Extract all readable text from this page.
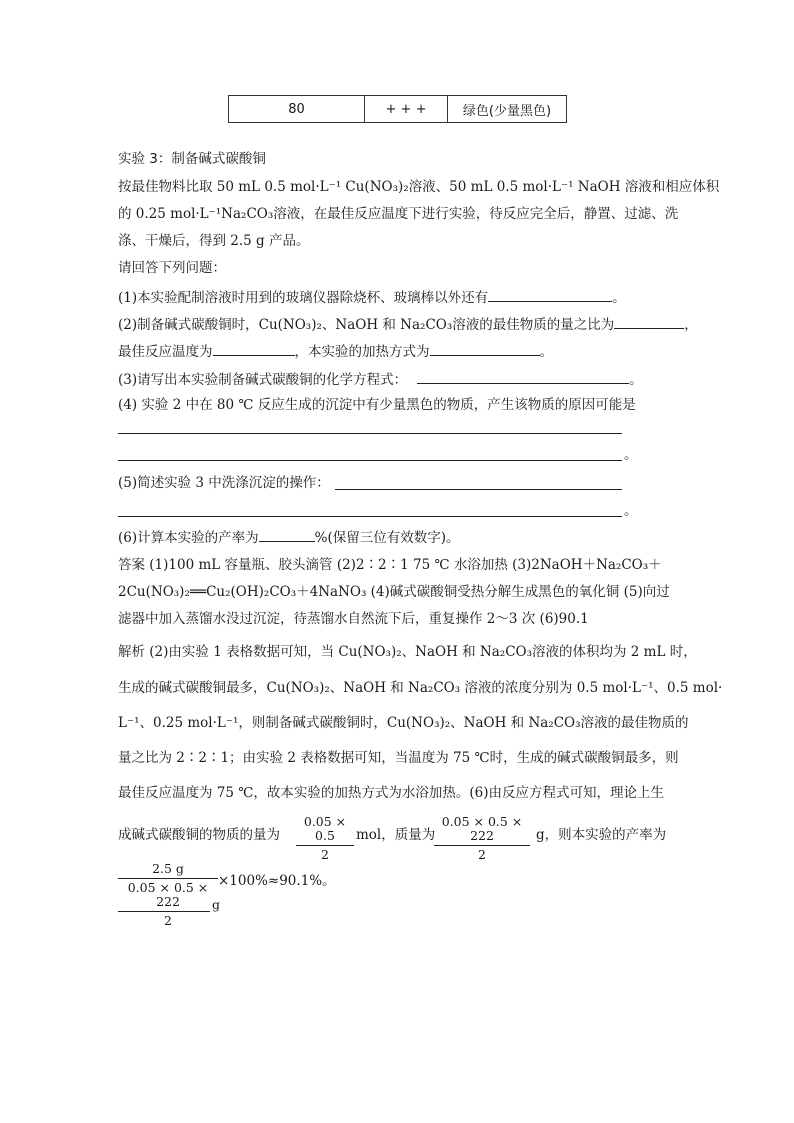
80	+ + +	绿色(少量黑色)
实验 3：制备碱式碳酸铜
按最佳物料比取 50 mL 0.5 mol·L⁻¹ Cu(NO₃)₂溶液、50 mL 0.5 mol·L⁻¹ NaOH 溶液和相应体积
的 0.25 mol·L⁻¹Na₂CO₃溶液，在最佳反应温度下进行实验，待反应完全后，静置、过滤、洗
涤、干燥后，得到 2.5 g 产品。
请回答下列问题：
(1)本实验配制溶液时用到的玻璃仪器除烧杯、玻璃棒以外还有	。
(2)制备碱式碳酸铜时，Cu(NO₃)₂、NaOH 和 Na₂CO₃溶液的最佳物质的量之比为	，
最佳反应温度为	，本实验的加热方式为	。
(3)请写出本实验制备碱式碳酸铜的化学方程式：	。
(4) 实验 2 中在 80 ℃ 反应生成的沉淀中有少量黑色的物质，产生该物质的原因可能是
。
(5)简述实验 3 中洗涤沉淀的操作：
。
(6)计算本实验的产率为	%(保留三位有效数字)。
答案 (1)100 mL 容量瓶、胶头滴管 (2)2∶2∶1 75 ℃ 水浴加热 (3)2NaOH＋Na₂CO₃＋
2Cu(NO₃)₂══Cu₂(OH)₂CO₃＋4NaNO₃ (4)碱式碳酸铜受热分解生成黑色的氧化铜 (5)向过
滤器中加入蒸馏水没过沉淀，待蒸馏水自然流下后，重复操作 2～3 次 (6)90.1
解析 (2)由实验 1 表格数据可知，当 Cu(NO₃)₂、NaOH 和 Na₂CO₃溶液的体积均为 2 mL 时，
生成的碱式碳酸铜最多，Cu(NO₃)₂、NaOH 和 Na₂CO₃ 溶液的浓度分别为 0.5 mol·L⁻¹、0.5 mol·
L⁻¹、0.25 mol·L⁻¹，则制备碱式碳酸铜时，Cu(NO₃)₂、NaOH 和 Na₂CO₃溶液的最佳物质的
量之比为 2∶2∶1；由实验 2 表格数据可知，当温度为 75 ℃时，生成的碱式碳酸铜最多，则
最佳反应温度为 75 ℃，故本实验的加热方式为水浴加热。(6)由反应方程式可知，理论上生
成碱式碳酸铜的物质的量为
0.05 × 0.5
2
mol，质量为
0.05 × 0.5 × 222
2
g，则本实验的产率为
2.5 g
0.05 × 0.5 × 222
2
g
×100%≈90.1%。
